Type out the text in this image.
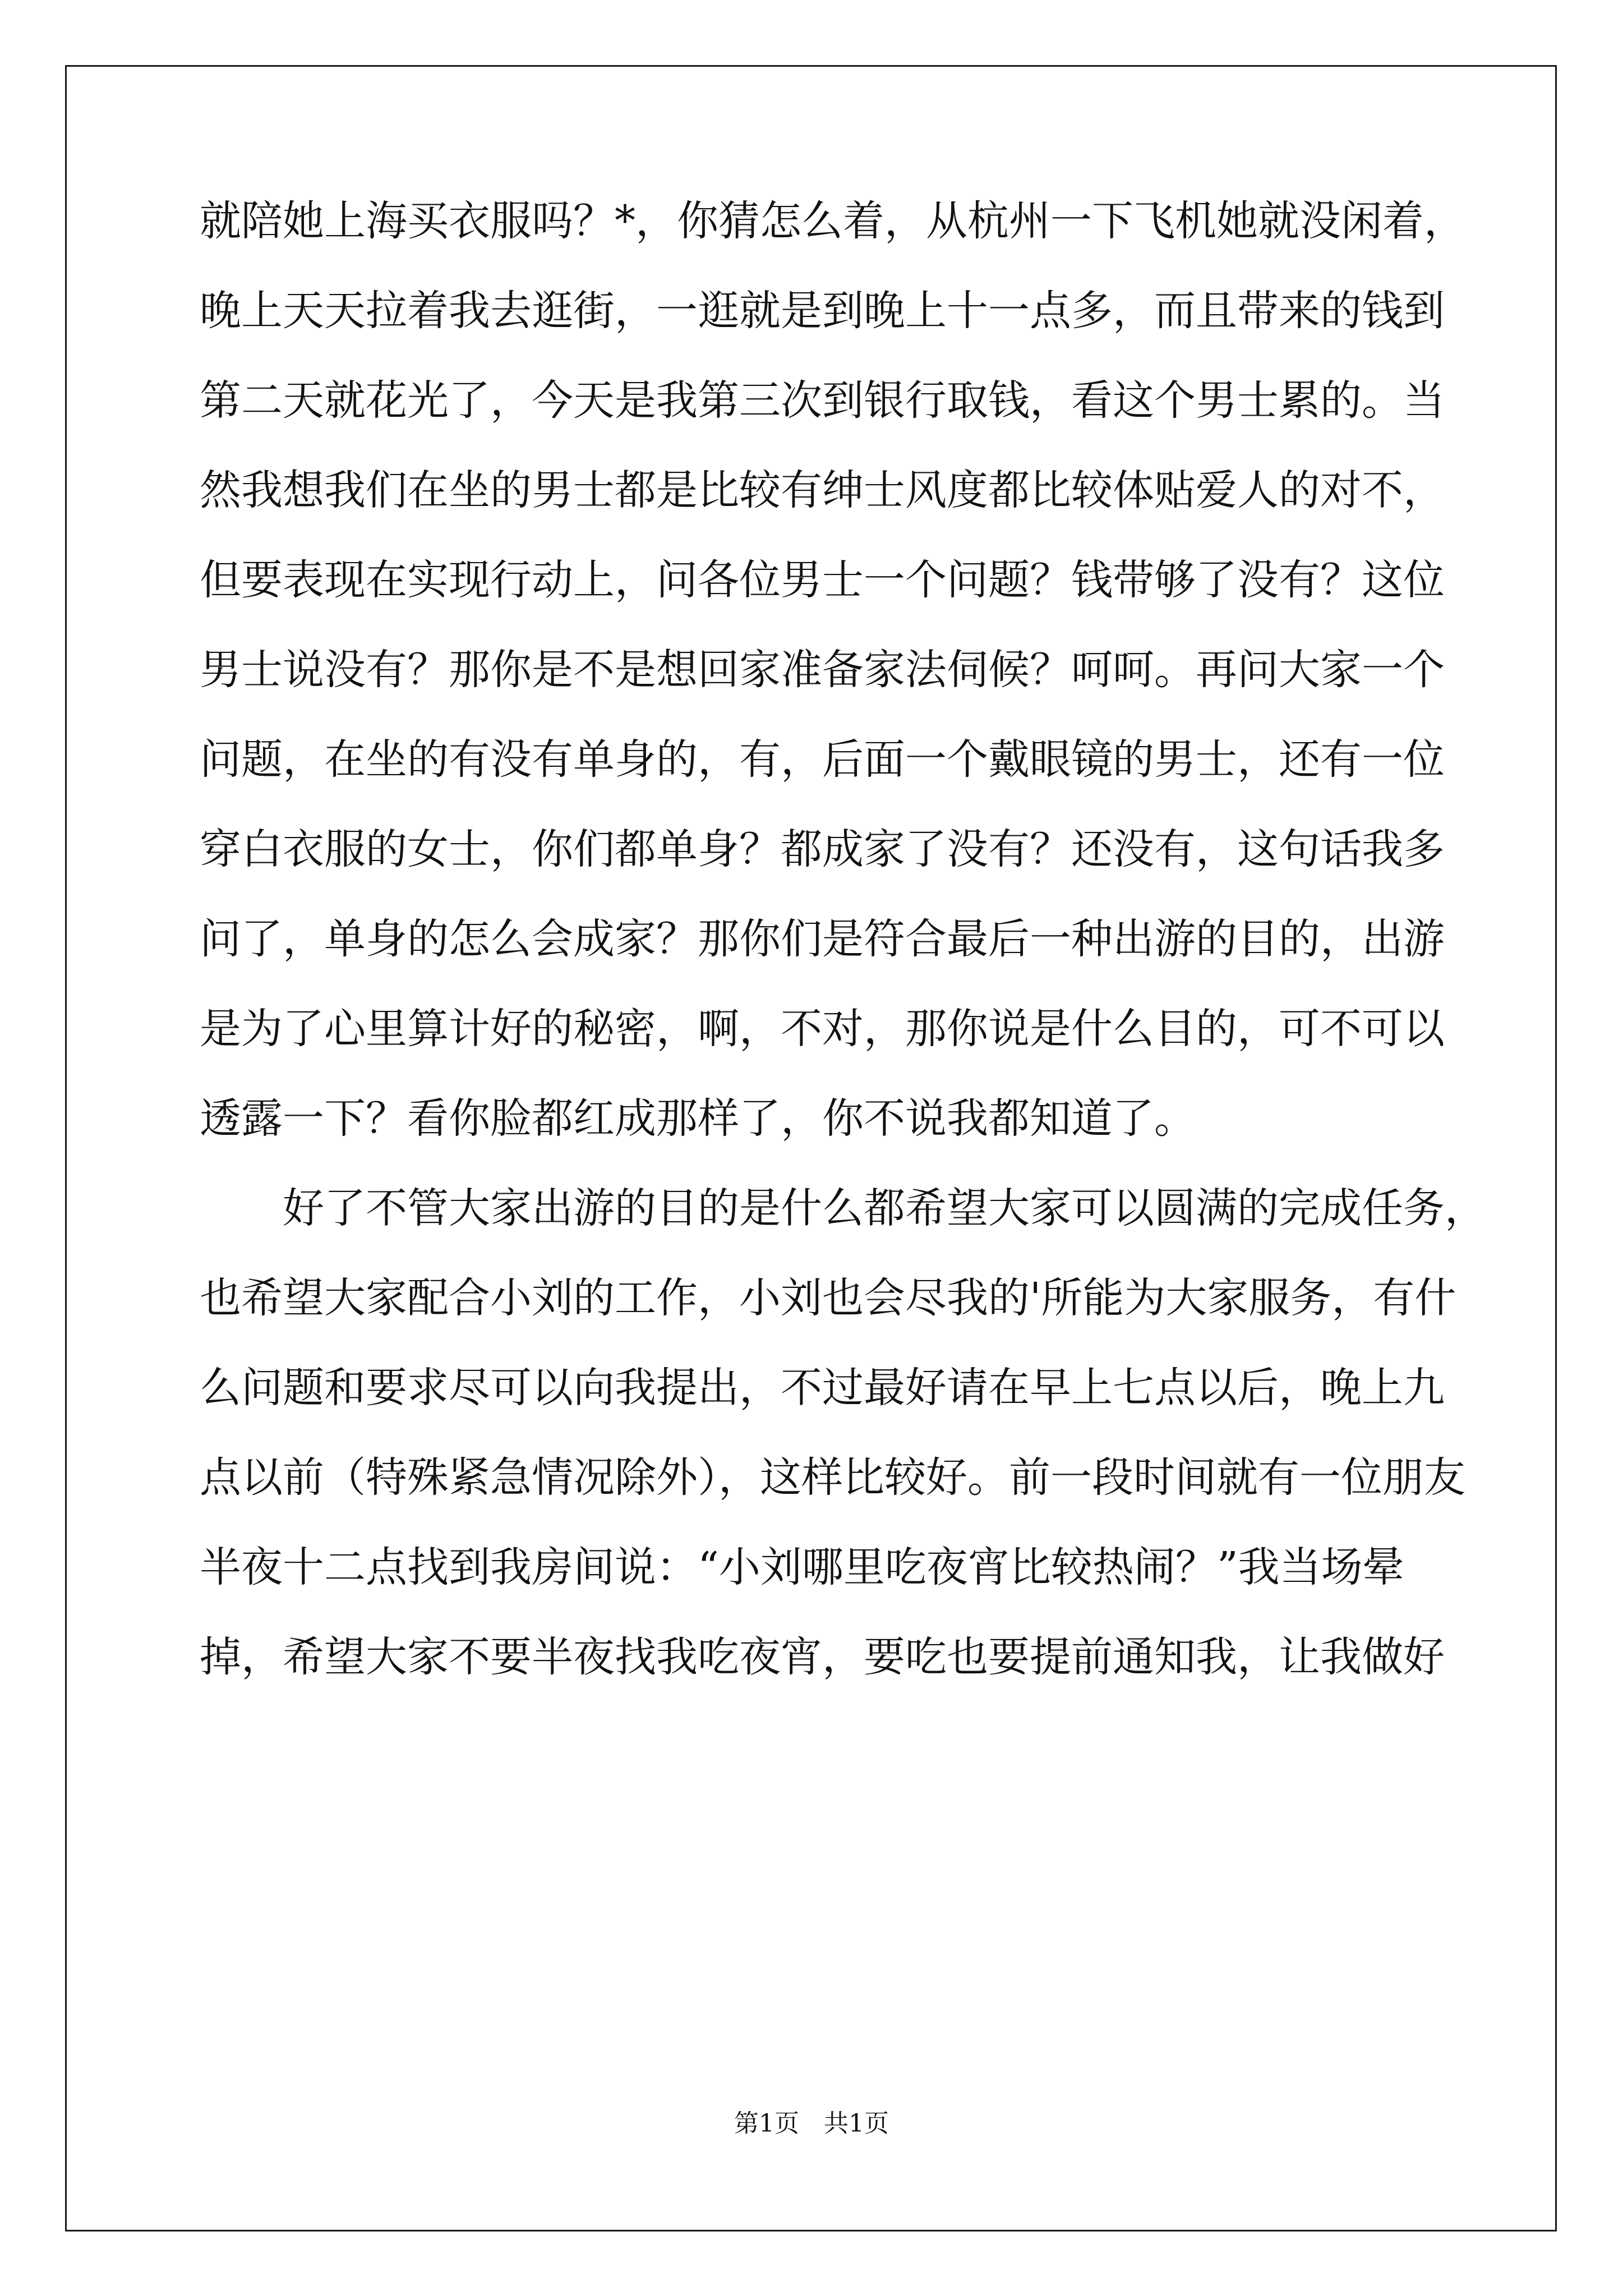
就陪她上海买衣服吗？*，你猜怎么着，从杭州一下飞机她就没闲着，
晚上天天拉着我去逛街，一逛就是到晚上十一点多，而且带来的钱到
第二天就花光了，今天是我第三次到银行取钱，看这个男士累的。当
然我想我们在坐的男士都是比较有绅士风度都比较体贴爱人的对不，
但要表现在实现行动上，问各位男士一个问题？钱带够了没有？这位
男士说没有？那你是不是想回家准备家法伺候？呵呵。再问大家一个
问题，在坐的有没有单身的，有，后面一个戴眼镜的男士，还有一位
穿白衣服的女士，你们都单身？都成家了没有？还没有，这句话我多
问了，单身的怎么会成家？那你们是符合最后一种出游的目的，出游
是为了心里算计好的秘密，啊，不对，那你说是什么目的，可不可以
透露一下？看你脸都红成那样了，你不说我都知道了。
　　好了不管大家出游的目的是什么都希望大家可以圆满的完成任务，
也希望大家配合小刘的工作，小刘也会尽我的'所能为大家服务，有什
么问题和要求尽可以向我提出，不过最好请在早上七点以后，晚上九
点以前（特殊紧急情况除外），这样比较好。前一段时间就有一位朋友
半夜十二点找到我房间说：“小刘哪里吃夜宵比较热闹？”我当场晕
掉，希望大家不要半夜找我吃夜宵，要吃也要提前通知我，让我做好
第1页　共1页
